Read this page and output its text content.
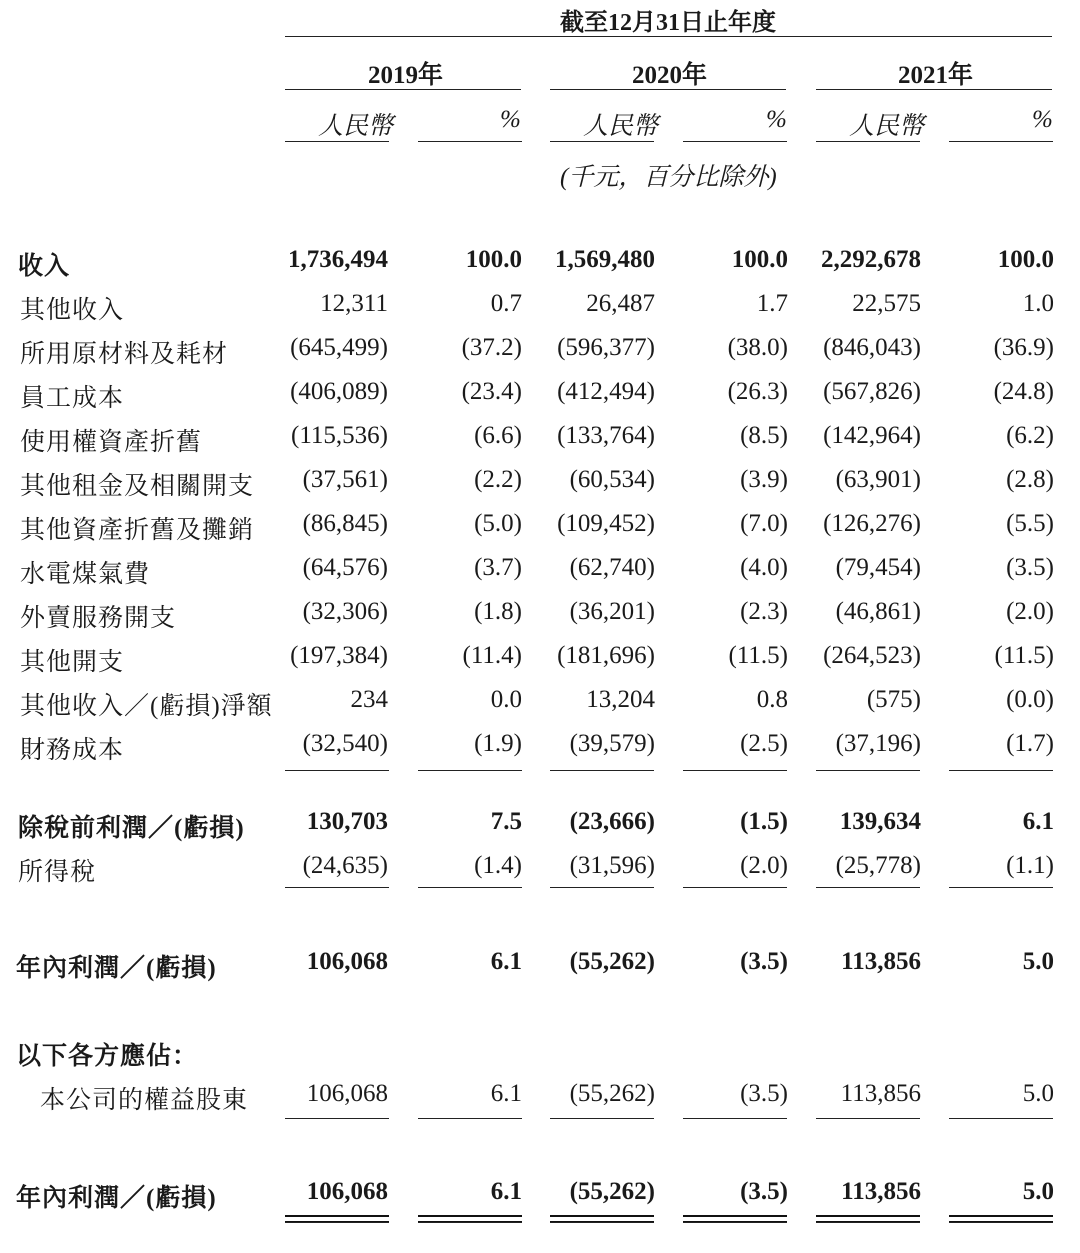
截至12月31日止年度
2019年	2020年	2021年
人民幣	% 人民幣	% 人民幣	%
(千元，百分比除外)
收入	1,736,494	100.0 1,569,480	100.0 2,292,678	100.0
其他收入	12,311	0.7	26,487	1.7	22,575	1.0
所用原材料及耗材 (645,499)	(37.2) (596,377)	(38.0) (846,043)	(36.9)
員工成本	(406,089)	(23.4) (412,494)	(26.3) (567,826)	(24.8)
使用權資產折舊	(115,536)	(6.6) (133,764)	(8.5) (142,964)	(6.2)
其他租金及相關開支 (37,561)	(2.2) (60,534)	(3.9) (63,901)	(2.8)
其他資產折舊及攤銷 (86,845)	(5.0) (109,452)	(7.0) (126,276)	(5.5)
水電煤氣費	(64,576)	(3.7) (62,740)	(4.0) (79,454)	(3.5)
外賣服務開支	(32,306)	(1.8) (36,201)	(2.3) (46,861)	(2.0)
其他開支	(197,384)	(11.4) (181,696)	(11.5) (264,523)	(11.5)
其他收入／(虧損)淨額	234	0.0	13,204	0.8	(575)	(0.0)
財務成本	(32,540)	(1.9) (39,579)	(2.5) (37,196)	(1.7)
除稅前利潤／(虧損) 130,703	7.5 (23,666)	(1.5) 139,634	6.1
所得稅	(24,635)	(1.4) (31,596)	(2.0) (25,778)	(1.1)
年內利潤／(虧損)	106,068	6.1 (55,262)	(3.5) 113,856	5.0
以下各方應佔：
本公司的權益股東 106,068	6.1 (55,262)	(3.5) 113,856	5.0
年內利潤／(虧損)	106,068	6.1 (55,262)	(3.5) 113,856	5.0
